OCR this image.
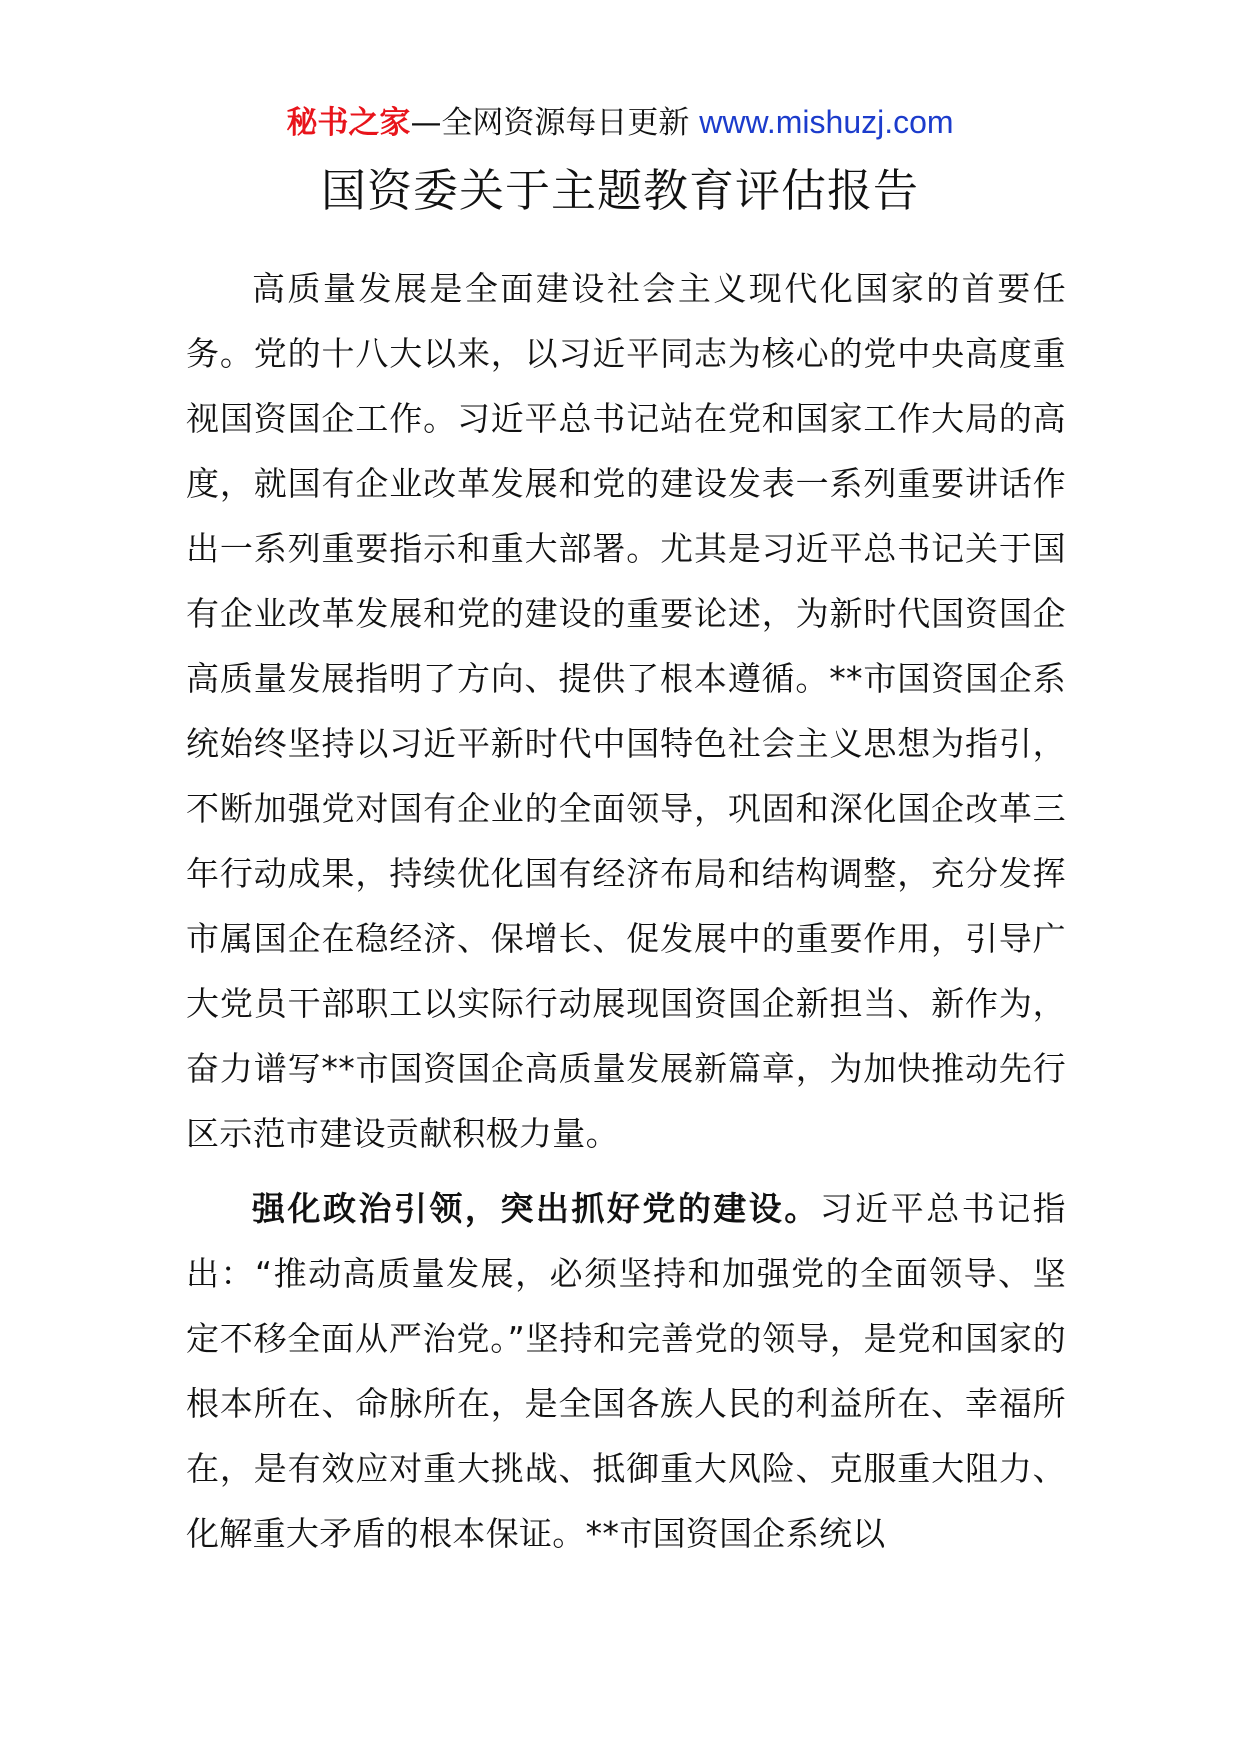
秘书之家—全网资源每日更新 www.mishuzj.com
国资委关于主题教育评估报告

高质量发展是全面建设社会主义现代化国家的首要任务。党的十八大以来，以习近平同志为核心的党中央高度重视国资国企工作。习近平总书记站在党和国家工作大局的高度，就国有企业改革发展和党的建设发表一系列重要讲话作出一系列重要指示和重大部署。尤其是习近平总书记关于国有企业改革发展和党的建设的重要论述，为新时代国资国企高质量发展指明了方向、提供了根本遵循。**市国资国企系统始终坚持以习近平新时代中国特色社会主义思想为指引，不断加强党对国有企业的全面领导，巩固和深化国企改革三年行动成果，持续优化国有经济布局和结构调整，充分发挥市属国企在稳经济、保增长、促发展中的重要作用，引导广大党员干部职工以实际行动展现国资国企新担当、新作为，奋力谱写**市国资国企高质量发展新篇章，为加快推动先行区示范市建设贡献积极力量。

强化政治引领，突出抓好党的建设。习近平总书记指出：“推动高质量发展，必须坚持和加强党的全面领导、坚定不移全面从严治党。”坚持和完善党的领导，是党和国家的根本所在、命脉所在，是全国各族人民的利益所在、幸福所在，是有效应对重大挑战、抵御重大风险、克服重大阻力、化解重大矛盾的根本保证。**市国资国企系统以
